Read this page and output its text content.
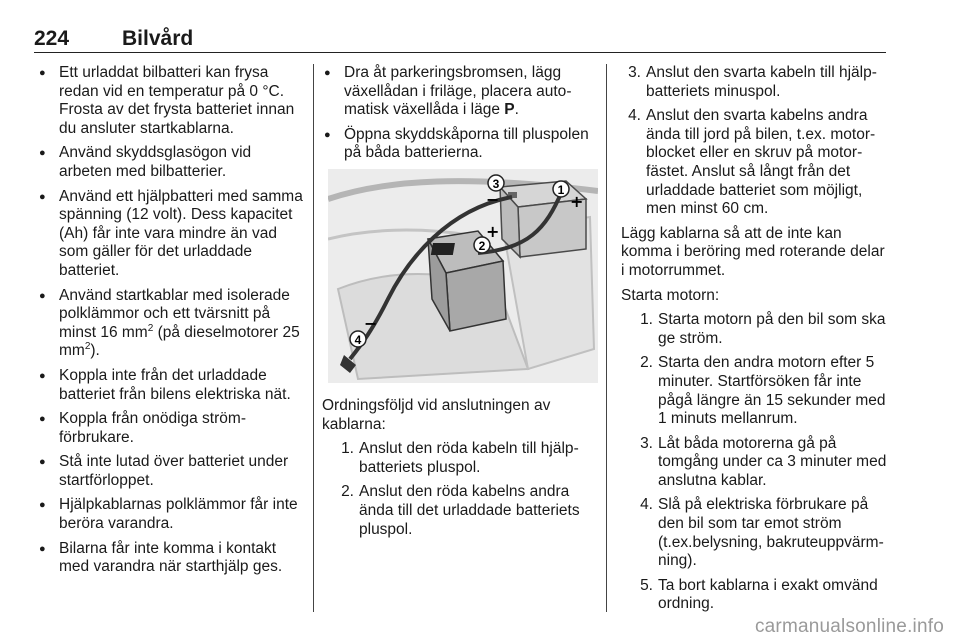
224	Bilvård
● Ett urladdat bilbatteri kan frysa redan vid en temperatur på 0 °C. Frosta av det frysta batteriet innan du ansluter startkablarna.
● Använd skyddsglasögon vid arbeten med bilbatterier.
● Använd ett hjälpbatteri med samma spänning (12 volt). Dess kapacitet (Ah) får inte vara mindre än vad som gäller för det urladdade batteriet.
● Använd startkablar med isolerade polklämmor och ett tvärsnitt på minst 16 $mm^2$ (på dieselmotorer 25 $mm^2$).
● Koppla inte från det urladdade batteriet från bilens elektriska nät.
● Koppla från onödiga strömförbrukare.
● Stå inte lutad över batteriet under startförloppet.
● Hjälpkablarnas polklämmor får inte beröra varandra.
● Bilarna får inte komma i kontakt med varandra när starthjälp ges.
● Dra åt parkeringsbromsen, lägg växellådan i friläge, placera automatisk växellåda i läge P.
● Öppna skyddskåporna till pluspolen på båda batterierna.
1
2
3
4
+
+
−
−

Ordningsföljd vid anslutningen av kablarna:

1. Anslut den röda kabeln till hjälpbatteriets pluspol.
2. Anslut den röda kabelns andra ända till det urladdade batteriets pluspol.
3. Anslut den svarta kabeln till hjälpbatteriets minuspol.
4. Anslut den svarta kabelns andra ända till jord på bilen, t.ex. motorblocket eller en skruv på motorfästet. Anslut så långt från det urladdade batteriet som möjligt, men minst 60 cm.

Lägg kablarna så att de inte kan komma i beröring med roterande delar i motorrummet.

Starta motorn:

1. Starta motorn på den bil som ska ge ström.
2. Starta den andra motorn efter 5 minuter. Startförsöken får inte pågå längre än 15 sekunder med 1 minuts mellanrum.
3. Låt båda motorerna gå på tomgång under ca 3 minuter med anslutna kablar.
4. Slå på elektriska förbrukare på den bil som tar emot ström (t.ex.belysning, bakruteuppvärmning).
5. Ta bort kablarna i exakt omvänd ordning.
carmanualsonline.info
